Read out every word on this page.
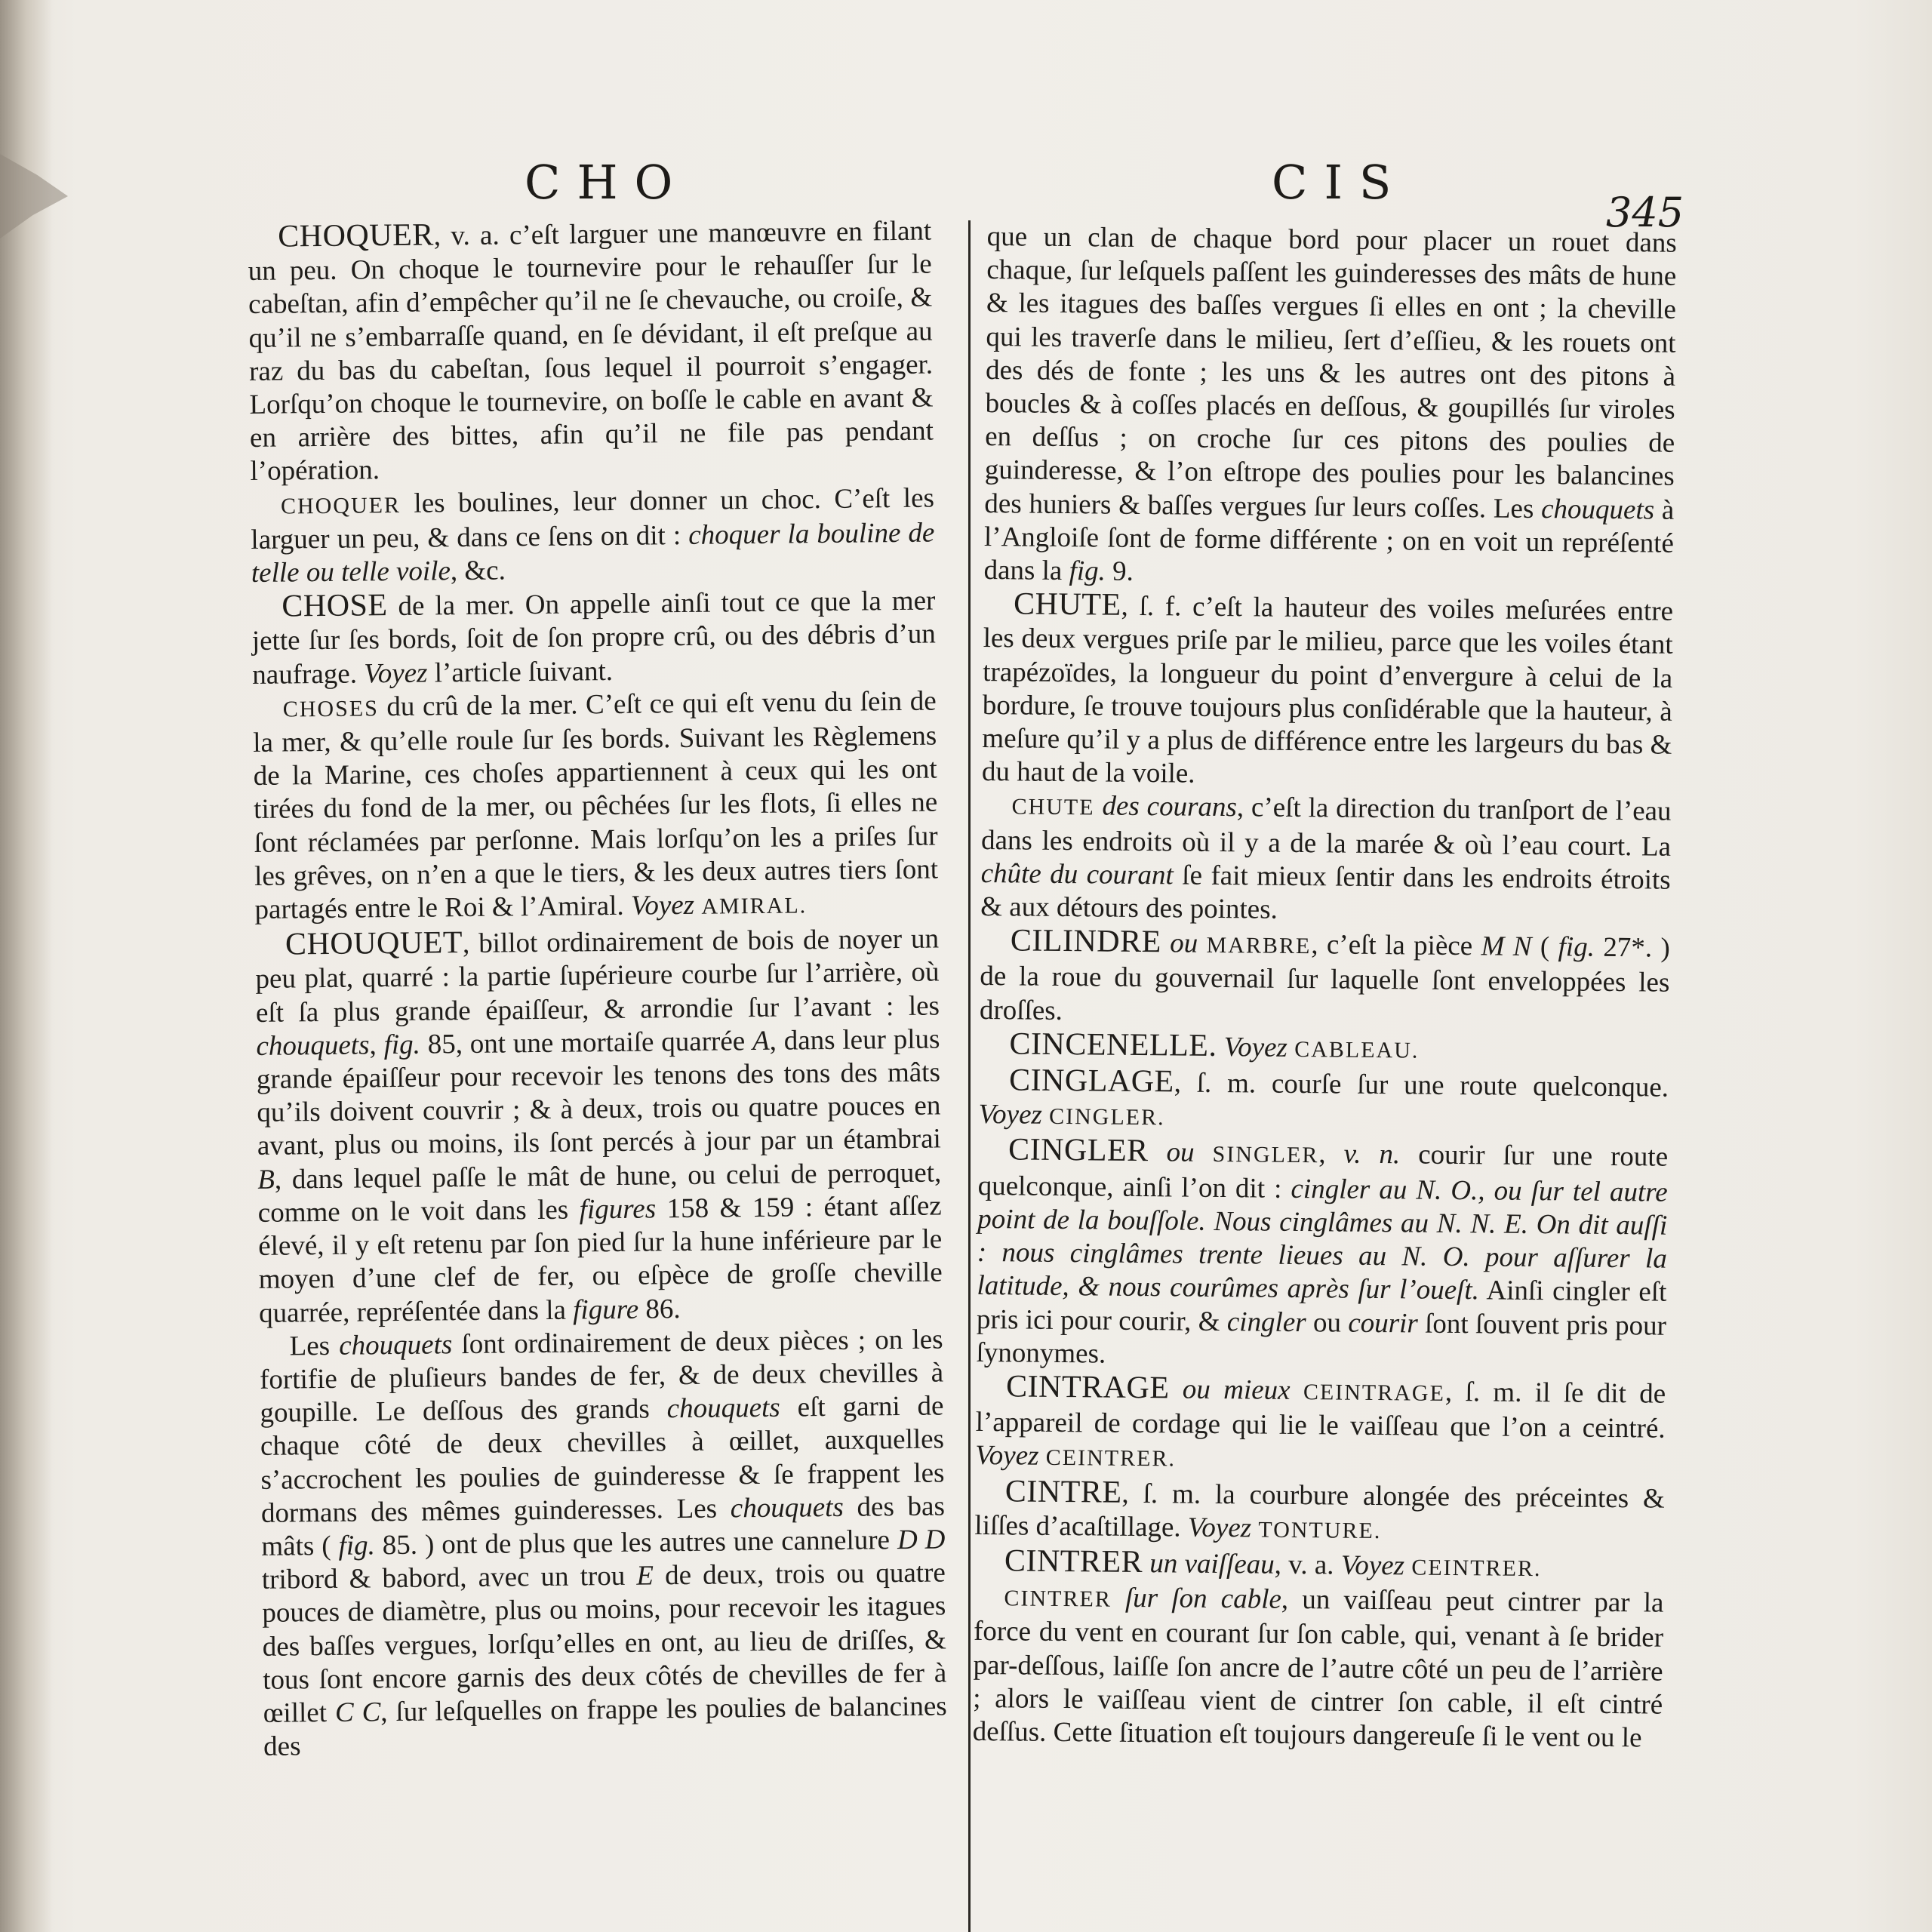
CHO	CIS
345

CHOQUER, v. a. c’eſt larguer une manœuvre en filant un peu. On choque le tournevire pour le rehauſſer ſur le cabeſtan, afin d’empêcher qu’il ne ſe chevauche, ou croiſe, & qu’il ne s’embarraſſe quand, en ſe dévidant, il eſt preſque au raz du bas du cabeſtan, ſous lequel il pourroit s’engager. Lorſqu’on choque le tournevire, on boſſe le cable en avant & en arrière des bittes, afin qu’il ne file pas pendant l’opération.

CHOQUER les boulines, leur donner un choc. C’eſt les larguer un peu, & dans ce ſens on dit : choquer la bouline de telle ou telle voile, &c.

CHOSE de la mer. On appelle ainſi tout ce que la mer jette ſur ſes bords, ſoit de ſon propre crû, ou des débris d’un naufrage. Voyez l’article ſuivant.

CHOSES du crû de la mer. C’eſt ce qui eſt venu du ſein de la mer, & qu’elle roule ſur ſes bords. Suivant les Règlemens de la Marine, ces choſes appartiennent à ceux qui les ont tirées du fond de la mer, ou pêchées ſur les flots, ſi elles ne ſont réclamées par perſonne. Mais lorſqu’on les a priſes ſur les grêves, on n’en a que le tiers, & les deux autres tiers ſont partagés entre le Roi & l’Amiral. Voyez AMIRAL.

CHOUQUET, billot ordinairement de bois de noyer un peu plat, quarré : la partie ſupérieure courbe ſur l’arrière, où eſt ſa plus grande épaiſſeur, & arrondie ſur l’avant : les chouquets, fig. 85, ont une mortaiſe quarrée A, dans leur plus grande épaiſſeur pour recevoir les tenons des tons des mâts qu’ils doivent couvrir ; & à deux, trois ou quatre pouces en avant, plus ou moins, ils ſont percés à jour par un étambrai B, dans lequel paſſe le mât de hune, ou celui de perroquet, comme on le voit dans les figures 158 & 159 : étant aſſez élevé, il y eſt retenu par ſon pied ſur la hune inférieure par le moyen d’une clef de fer, ou eſpèce de groſſe cheville quarrée, repréſentée dans la figure 86.

Les chouquets ſont ordinairement de deux pièces ; on les fortifie de pluſieurs bandes de fer, & de deux chevilles à goupille. Le deſſous des grands chouquets eſt garni de chaque côté de deux chevilles à œillet, auxquelles s’accrochent les poulies de guinderesse & ſe frappent les dormans des mêmes guinderesses. Les chouquets des bas mâts ( fig. 85. ) ont de plus que les autres une cannelure D D tribord & babord, avec un trou E de deux, trois ou quatre pouces de diamètre, plus ou moins, pour recevoir les itagues des baſſes vergues, lorſqu’elles en ont, au lieu de driſſes, & tous ſont encore garnis des deux côtés de chevilles de fer à œillet C C, ſur leſquelles on frappe les poulies de balancines des

que un clan de chaque bord pour placer un rouet dans chaque, ſur leſquels paſſent les guinderesses des mâts de hune & les itagues des baſſes vergues ſi elles en ont ; la cheville qui les traverſe dans le milieu, ſert d’eſſieu, & les rouets ont des dés de fonte ; les uns & les autres ont des pitons à boucles & à coſſes placés en deſſous, & goupillés ſur viroles en deſſus ; on croche ſur ces pitons des poulies de guinderesse, & l’on eſtrope des poulies pour les balancines des huniers & baſſes vergues ſur leurs coſſes. Les chouquets à l’Angloiſe ſont de forme différente ; on en voit un repréſenté dans la fig. 9.

CHUTE, ſ. f. c’eſt la hauteur des voiles meſurées entre les deux vergues priſe par le milieu, parce que les voiles étant trapézoïdes, la longueur du point d’envergure à celui de la bordure, ſe trouve toujours plus conſidérable que la hauteur, à meſure qu’il y a plus de différence entre les largeurs du bas & du haut de la voile.

CHUTE des courans, c’eſt la direction du tranſport de l’eau dans les endroits où il y a de la marée & où l’eau court. La chûte du courant ſe fait mieux ſentir dans les endroits étroits & aux détours des pointes.

CILINDRE ou MARBRE, c’eſt la pièce M N ( fig. 27*. ) de la roue du gouvernail ſur laquelle ſont enveloppées les droſſes.

CINCENELLE. Voyez CABLEAU.

CINGLAGE, ſ. m. courſe ſur une route quelconque. Voyez CINGLER.

CINGLER ou SINGLER, v. n. courir ſur une route quelconque, ainſi l’on dit : cingler au N. O., ou ſur tel autre point de la bouſſole. Nous cinglâmes au N. N. E. On dit auſſi : nous cinglâmes trente lieues au N. O. pour aſſurer la latitude, & nous courûmes après ſur l’oueſt. Ainſi cingler eſt pris ici pour courir, & cingler ou courir ſont ſouvent pris pour ſynonymes.

CINTRAGE ou mieux CEINTRAGE, ſ. m. il ſe dit de l’appareil de cordage qui lie le vaiſſeau que l’on a ceintré. Voyez CEINTRER.

CINTRE, ſ. m. la courbure alongée des préceintes & liſſes d’acaſtillage. Voyez TONTURE.

CINTRER un vaiſſeau, v. a. Voyez CEINTRER.

CINTRER ſur ſon cable, un vaiſſeau peut cintrer par la force du vent en courant ſur ſon cable, qui, venant à ſe brider par-deſſous, laiſſe ſon ancre de l’autre côté un peu de l’arrière ; alors le vaiſſeau vient de cintrer ſon cable, il eſt cintré deſſus. Cette ſituation eſt toujours dangereuſe ſi le vent ou le
